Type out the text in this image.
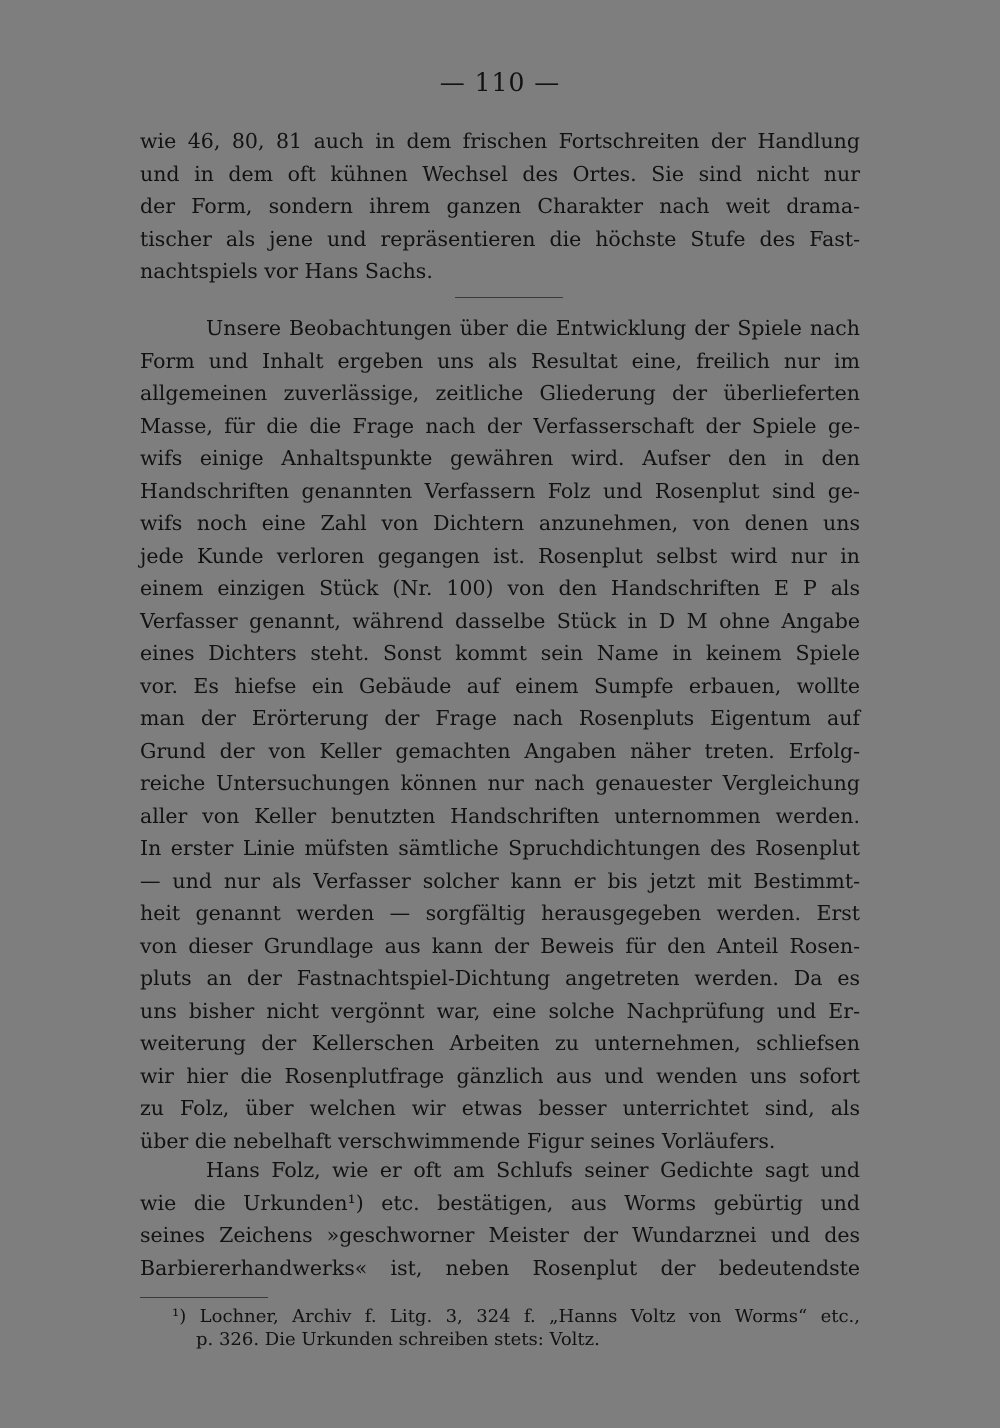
— 110 —
wie 46, 80, 81 auch in dem frischen Fortschreiten der Handlung
und in dem oft kühnen Wechsel des Ortes. Sie sind nicht nur
der Form, sondern ihrem ganzen Charakter nach weit drama-
tischer als jene und repräsentieren die höchste Stufe des Fast-
nachtspiels vor Hans Sachs.
Unsere Beobachtungen über die Entwicklung der Spiele nach
Form und Inhalt ergeben uns als Resultat eine, freilich nur im
allgemeinen zuverlässige, zeitliche Gliederung der überlieferten
Masse, für die die Frage nach der Verfasserschaft der Spiele ge-
wifs einige Anhaltspunkte gewähren wird. Aufser den in den
Handschriften genannten Verfassern Folz und Rosenplut sind ge-
wifs noch eine Zahl von Dichtern anzunehmen, von denen uns
jede Kunde verloren gegangen ist. Rosenplut selbst wird nur in
einem einzigen Stück (Nr. 100) von den Handschriften E P als
Verfasser genannt, während dasselbe Stück in D M ohne Angabe
eines Dichters steht. Sonst kommt sein Name in keinem Spiele
vor. Es hiefse ein Gebäude auf einem Sumpfe erbauen, wollte
man der Erörterung der Frage nach Rosenpluts Eigentum auf
Grund der von Keller gemachten Angaben näher treten. Erfolg-
reiche Untersuchungen können nur nach genauester Vergleichung
aller von Keller benutzten Handschriften unternommen werden.
In erster Linie müfsten sämtliche Spruchdichtungen des Rosenplut
— und nur als Verfasser solcher kann er bis jetzt mit Bestimmt-
heit genannt werden — sorgfältig herausgegeben werden. Erst
von dieser Grundlage aus kann der Beweis für den Anteil Rosen-
pluts an der Fastnachtspiel-Dichtung angetreten werden. Da es
uns bisher nicht vergönnt war, eine solche Nachprüfung und Er-
weiterung der Kellerschen Arbeiten zu unternehmen, schliefsen
wir hier die Rosenplutfrage gänzlich aus und wenden uns sofort
zu Folz, über welchen wir etwas besser unterrichtet sind, als
über die nebelhaft verschwimmende Figur seines Vorläufers.
Hans Folz, wie er oft am Schlufs seiner Gedichte sagt und
wie die Urkunden¹) etc. bestätigen, aus Worms gebürtig und
seines Zeichens »geschworner Meister der Wundarznei und des
Barbiererhandwerks« ist, neben Rosenplut der bedeutendste
¹) Lochner, Archiv f. Litg. 3, 324 f. „Hanns Voltz von Worms“ etc.,
p. 326. Die Urkunden schreiben stets: Voltz.
